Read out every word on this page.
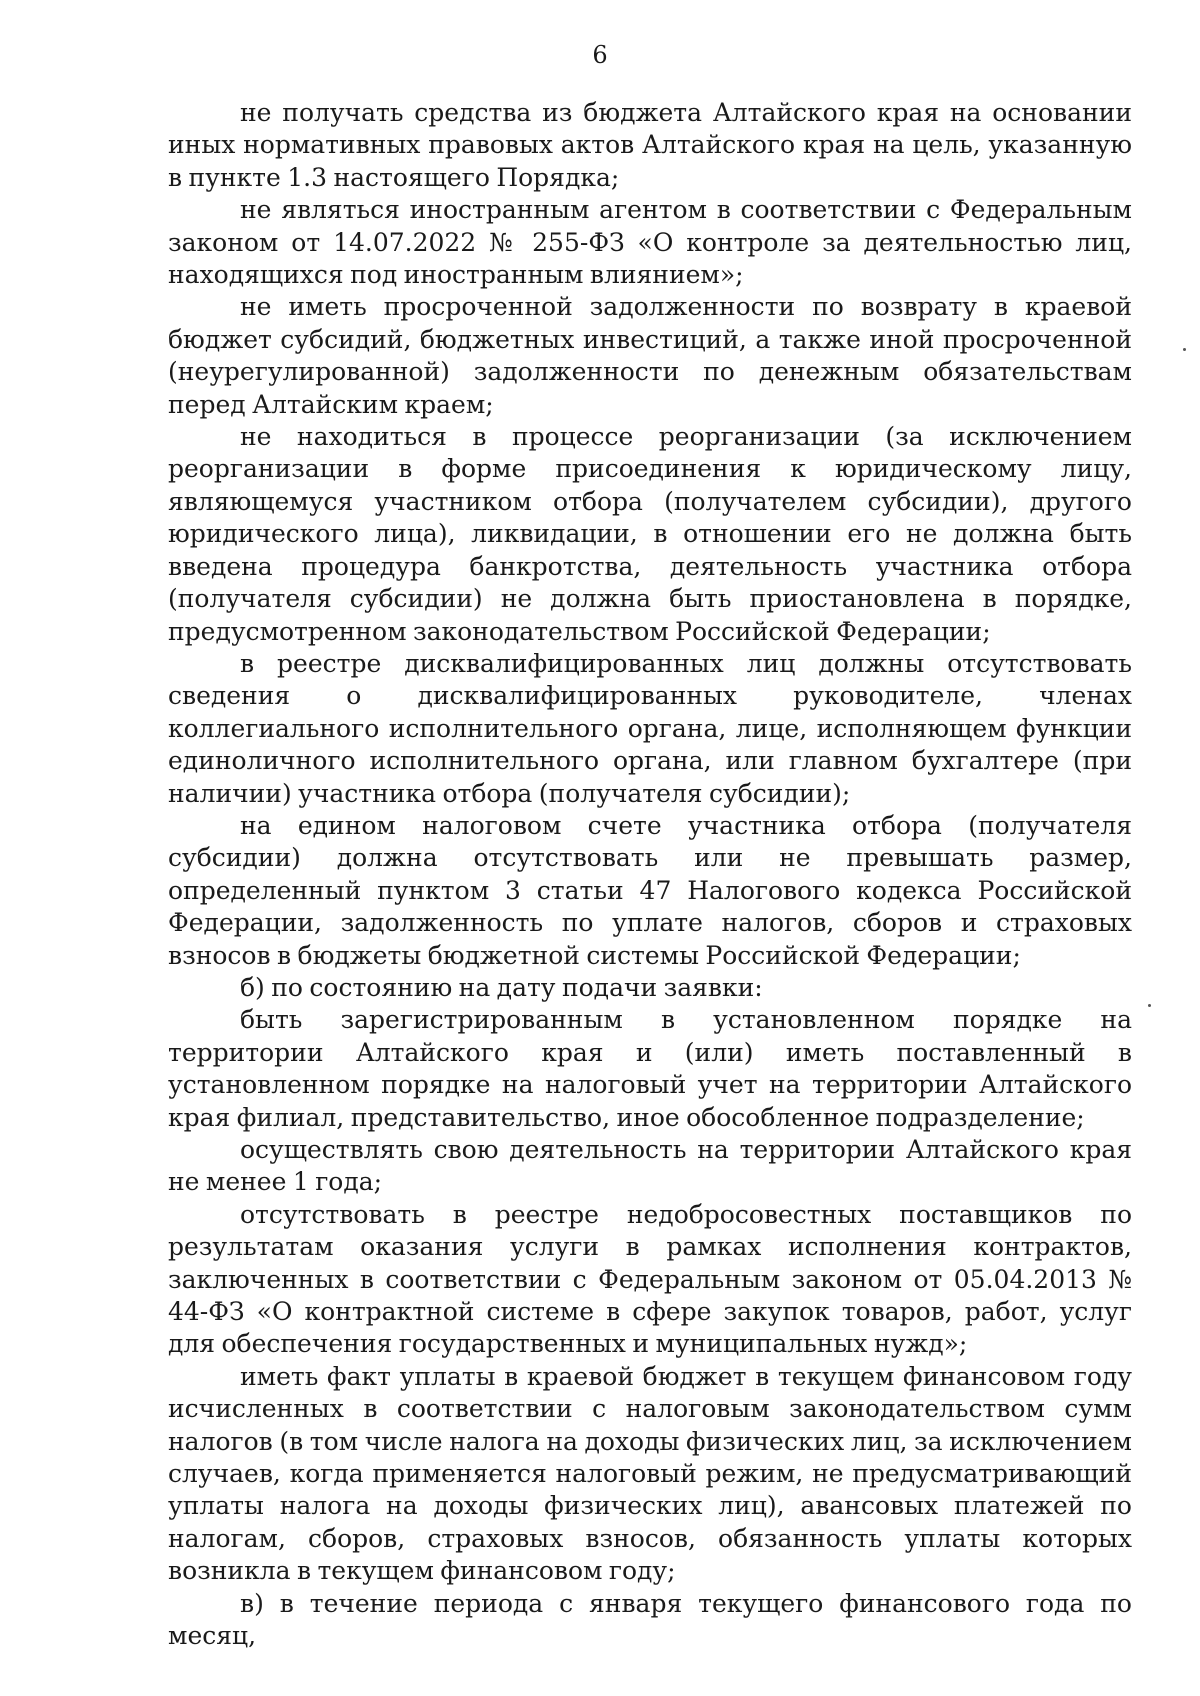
6

не получать средства из бюджета Алтайского края на основании иных нормативных правовых актов Алтайского края на цель, указанную в пункте 1.3 настоящего Порядка;

не являться иностранным агентом в соответствии с Федеральным законом от 14.07.2022 № 255-ФЗ «О контроле за деятельностью лиц, находящихся под иностранным влиянием»;

не иметь просроченной задолженности по возврату в краевой бюджет субсидий, бюджетных инвестиций, а также иной просроченной (неурегулированной) задолженности по денежным обязательствам перед Алтайским краем;

не находиться в процессе реорганизации (за исключением реорганизации в форме присоединения к юридическому лицу, являющемуся участником отбора (получателем субсидии), другого юридического лица), ликвидации, в отношении его не должна быть введена процедура банкротства, деятельность участника отбора (получателя субсидии) не должна быть приостановлена в порядке, предусмотренном законодательством Российской Федерации;

в реестре дисквалифицированных лиц должны отсутствовать сведения о дисквалифицированных руководителе, членах коллегиального исполнительного органа, лице, исполняющем функции единоличного исполнительного органа, или главном бухгалтере (при наличии) участника отбора (получателя субсидии);

на едином налоговом счете участника отбора (получателя субсидии) должна отсутствовать или не превышать размер, определенный пунктом 3 статьи 47 Налогового кодекса Российской Федерации, задолженность по уплате налогов, сборов и страховых взносов в бюджеты бюджетной системы Российской Федерации;

б) по состоянию на дату подачи заявки:

быть зарегистрированным в установленном порядке на территории Алтайского края и (или) иметь поставленный в установленном порядке на налоговый учет на территории Алтайского края филиал, представительство, иное обособленное подразделение;

осуществлять свою деятельность на территории Алтайского края не менее 1 года;

отсутствовать в реестре недобросовестных поставщиков по результатам оказания услуги в рамках исполнения контрактов, заключенных в соответствии с Федеральным законом от 05.04.2013 № 44-ФЗ «О контрактной системе в сфере закупок товаров, работ, услуг для обеспечения государственных и муниципальных нужд»;

иметь факт уплаты в краевой бюджет в текущем финансовом году исчисленных в соответствии с налоговым законодательством сумм налогов (в том числе налога на доходы физических лиц, за исключением случаев, когда применяется налоговый режим, не предусматривающий уплаты налога на доходы физических лиц), авансовых платежей по налогам, сборов, страховых взносов, обязанность уплаты которых возникла в текущем финансовом году;

в) в течение периода с января текущего финансового года по месяц,
